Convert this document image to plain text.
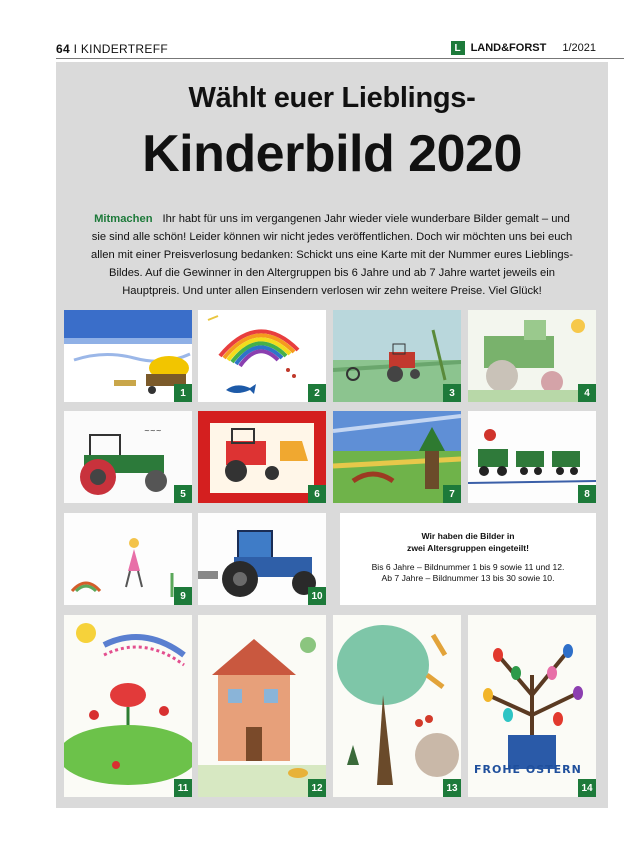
64 I KINDERTREFF	L LAND&FORST 1/2021
Wählt euer Lieblings-
Kinderbild 2020
Mitmachen Ihr habt für uns im vergangenen Jahr wieder viele wunderbare Bilder gemalt – und sie sind alle schön! Leider können wir nicht jedes veröffentlichen. Doch wir möchten uns bei euch allen mit einer Preisverlosung bedanken: Schickt uns eine Karte mit der Nummer eures Lieblings-Bildes. Auf die Gewinner in den Altergruppen bis 6 Jahre und ab 7 Jahre wartet jeweils ein Hauptpreis. Und unter allen Einsendern verlosen wir zehn weitere Preise. Viel Glück!
1	2	3	4
~~~
5	6	7	8
9	10
Wir haben die Bilder in
zwei Altersgruppen eingeteilt!
Bis 6 Jahre – Bildnummer 1 bis 9 sowie 11 und 12.
Ab 7 Jahre – Bildnummer 13 bis 30 sowie 10.
11	12	13
FROHE OSTERN
14
